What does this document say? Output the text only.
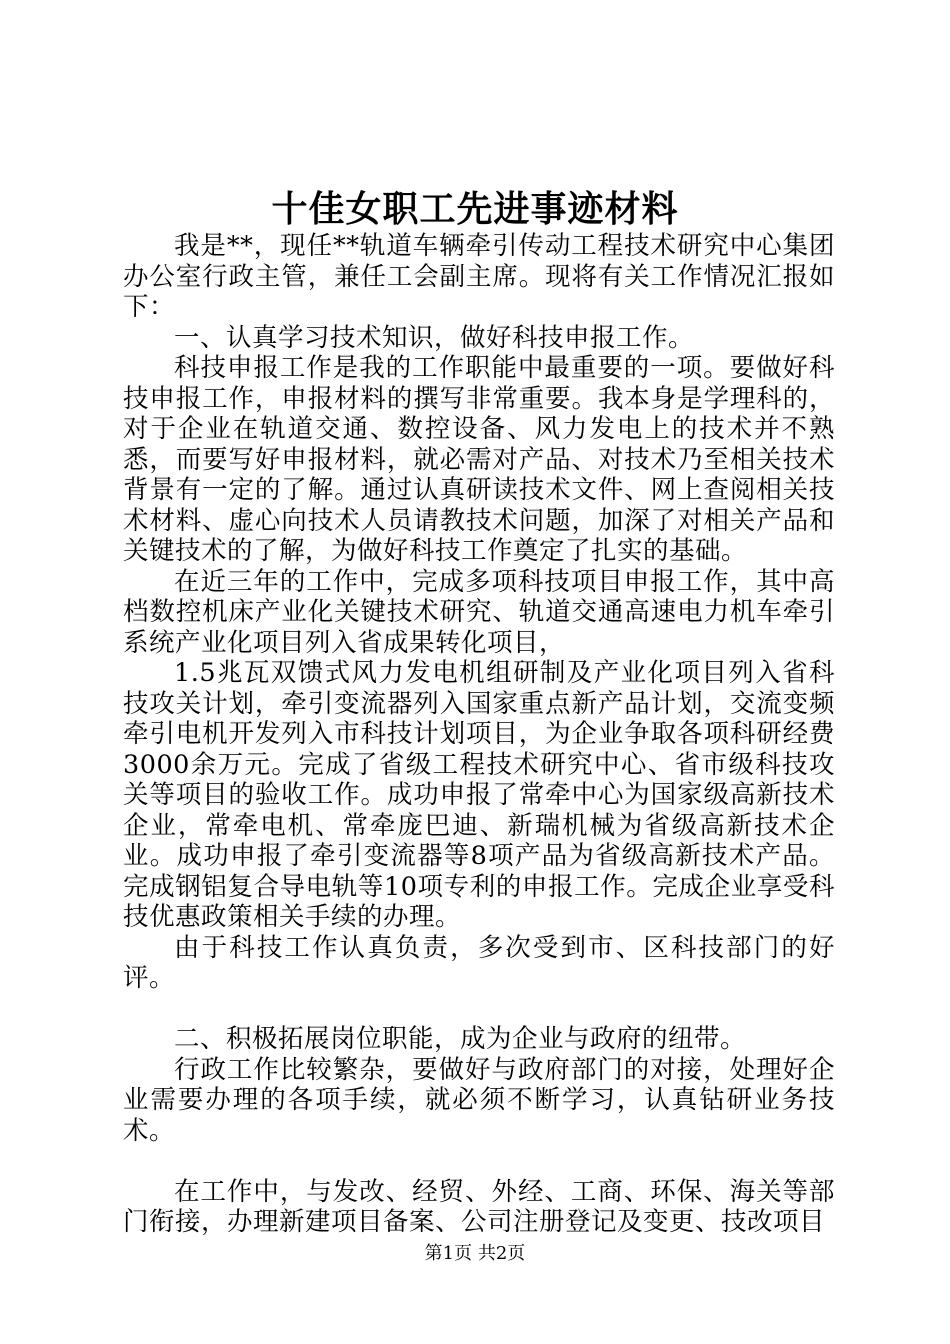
十佳女职工先进事迹材料

我是**，现任**轨道车辆牵引传动工程技术研究中心集团办公室行政主管，兼任工会副主席。现将有关工作情况汇报如下：

一、认真学习技术知识，做好科技申报工作。

科技申报工作是我的工作职能中最重要的一项。要做好科技申报工作，申报材料的撰写非常重要。我本身是学理科的，对于企业在轨道交通、数控设备、风力发电上的技术并不熟悉，而要写好申报材料，就必需对产品、对技术乃至相关技术背景有一定的了解。通过认真研读技术文件、网上查阅相关技术材料、虚心向技术人员请教技术问题，加深了对相关产品和关键技术的了解，为做好科技工作奠定了扎实的基础。

在近三年的工作中，完成多项科技项目申报工作，其中高档数控机床产业化关键技术研究、轨道交通高速电力机车牵引系统产业化项目列入省成果转化项目，

1.5兆瓦双馈式风力发电机组研制及产业化项目列入省科技攻关计划，牵引变流器列入国家重点新产品计划，交流变频牵引电机开发列入市科技计划项目，为企业争取各项科研经费3000余万元。完成了省级工程技术研究中心、省市级科技攻关等项目的验收工作。成功申报了常牵中心为国家级高新技术企业，常牵电机、常牵庞巴迪、新瑞机械为省级高新技术企业。成功申报了牵引变流器等8项产品为省级高新技术产品。完成钢铝复合导电轨等10项专利的申报工作。完成企业享受科技优惠政策相关手续的办理。

由于科技工作认真负责，多次受到市、区科技部门的好评。

二、积极拓展岗位职能，成为企业与政府的纽带。

行政工作比较繁杂，要做好与政府部门的对接，处理好企业需要办理的各项手续，就必须不断学习，认真钻研业务技术。

在工作中，与发改、经贸、外经、工商、环保、海关等部门衔接，办理新建项目备案、公司注册登记及变更、技改项目

第1页 共2页
